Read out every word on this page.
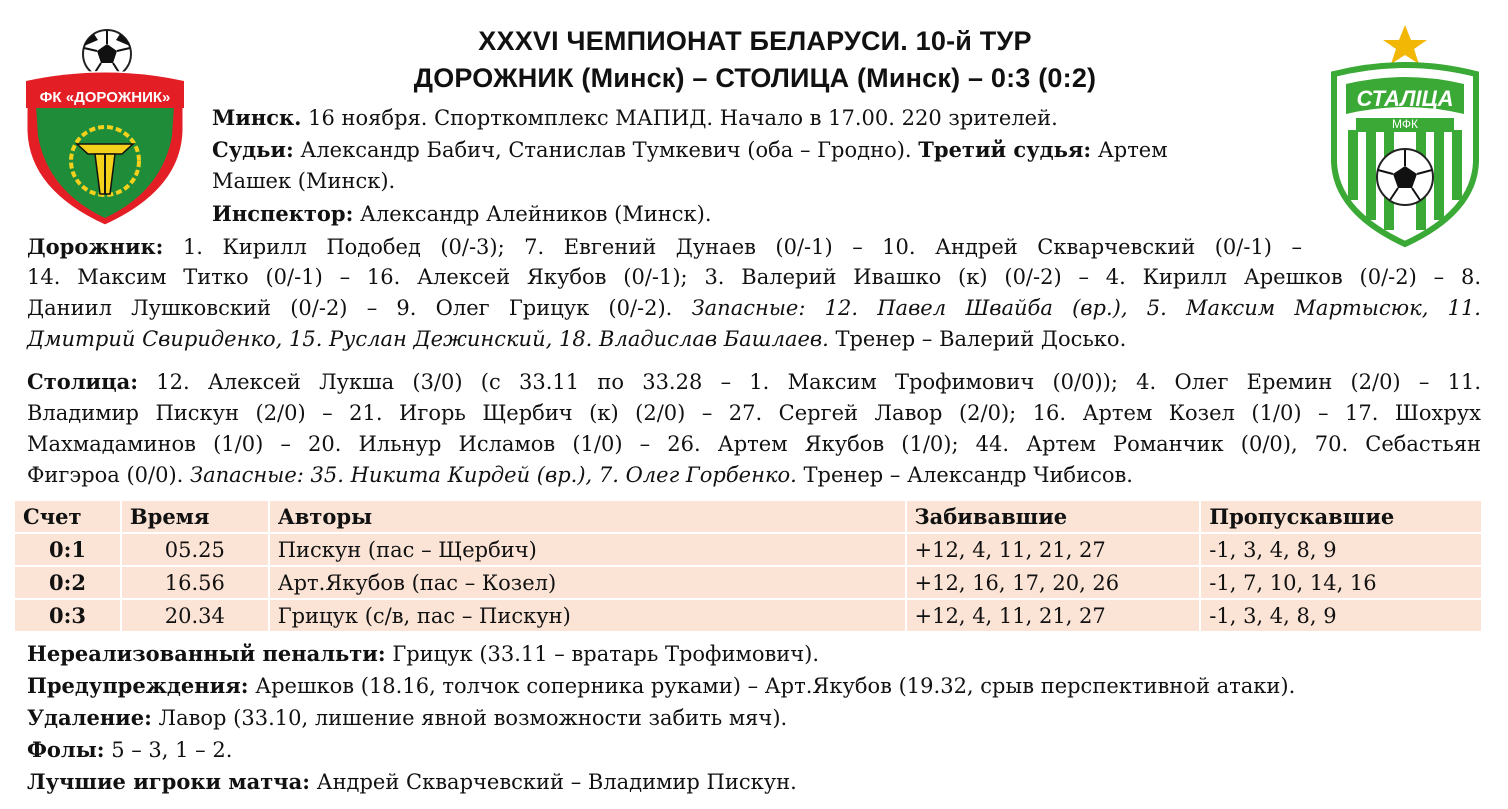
ФК «ДОРОЖНИК»	СТАЛIЦА
МФК
XXXVI ЧЕМПИОНАТ БЕЛАРУСИ. 10-й ТУР
ДОРОЖНИК (Минск) – СТОЛИЦА (Минск) – 0:3 (0:2)
Минск. 16 ноября. Спорткомплекс МАПИД. Начало в 17.00. 220 зрителей.
Судьи: Александр Бабич, Станислав Тумкевич (оба – Гродно). Третий судья: Артем
Машек (Минск).
Инспектор: Александр Алейников (Минск).
Дорожник: 1. Кирилл Подобед (0/-3); 7. Евгений Дунаев (0/-1) – 10. Андрей Скварчевский (0/-1) –
14. Максим Титко (0/-1) – 16. Алексей Якубов (0/-1); 3. Валерий Ивашко (к) (0/-2) – 4. Кирилл Арешков (0/-2) – 8.
Даниил Лушковский (0/-2) – 9. Олег Грицук (0/-2). Запасные: 12. Павел Швайба (вр.), 5. Максим Мартысюк, 11.
Дмитрий Свириденко, 15. Руслан Дежинский, 18. Владислав Башлаев. Тренер – Валерий Досько.
Столица: 12. Алексей Лукша (3/0) (с 33.11 по 33.28 – 1. Максим Трофимович (0/0)); 4. Олег Еремин (2/0) – 11.
Владимир Пискун (2/0) – 21. Игорь Щербич (к) (2/0) – 27. Сергей Лавор (2/0); 16. Артем Козел (1/0) – 17. Шохрух
Махмадаминов (1/0) – 20. Ильнур Исламов (1/0) – 26. Артем Якубов (1/0); 44. Артем Романчик (0/0), 70. Себастьян
Фигэроа (0/0). Запасные: 35. Никита Кирдей (вр.), 7. Олег Горбенко. Тренер – Александр Чибисов.
Счет	Время	Авторы	Забивавшие	Пропускавшие
0:1	05.25	Пискун (пас – Щербич)	+12, 4, 11, 21, 27	-1, 3, 4, 8, 9
0:2	16.56	Арт.Якубов (пас – Козел)	+12, 16, 17, 20, 26	-1, 7, 10, 14, 16
0:3	20.34	Грицук (с/в, пас – Пискун)	+12, 4, 11, 21, 27	-1, 3, 4, 8, 9
Нереализованный пенальти: Грицук (33.11 – вратарь Трофимович).
Предупреждения: Арешков (18.16, толчок соперника руками) – Арт.Якубов (19.32, срыв перспективной атаки).
Удаление: Лавор (33.10, лишение явной возможности забить мяч).
Фолы: 5 – 3, 1 – 2.
Лучшие игроки матча: Андрей Скварчевский – Владимир Пискун.
